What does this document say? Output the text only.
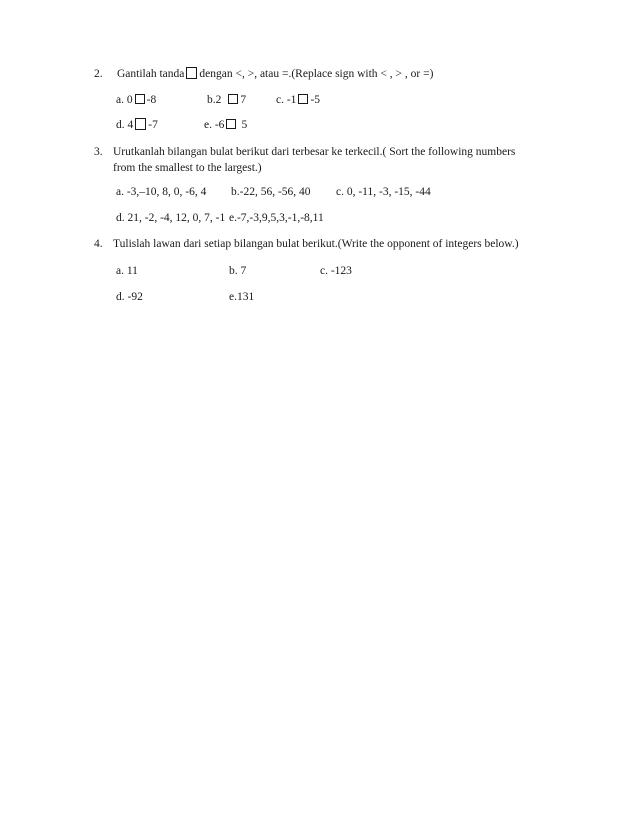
2. Gantilah tanda dengan <, >, atau =.(Replace sign with < , > , or =)
a. 0 -8	b.2 7	c. -1 -5
d. 4 -7	e. -6 5
3. Urutkanlah bilangan bulat berikut dari terbesar ke terkecil.( Sort the following numbers
from the smallest to the largest.)
a. -3,–10, 8, 0, -6, 4 b.-22, 56, -56, 40 c. 0, -11, -3, -15, -44
d. 21, -2, -4, 12, 0, 7, -1 e.-7,-3,9,5,3,-1,-8,11
4. Tulislah lawan dari setiap bilangan bulat berikut.(Write the opponent of integers below.)
a. 11	b. 7	c. -123
d. -92	e.131
